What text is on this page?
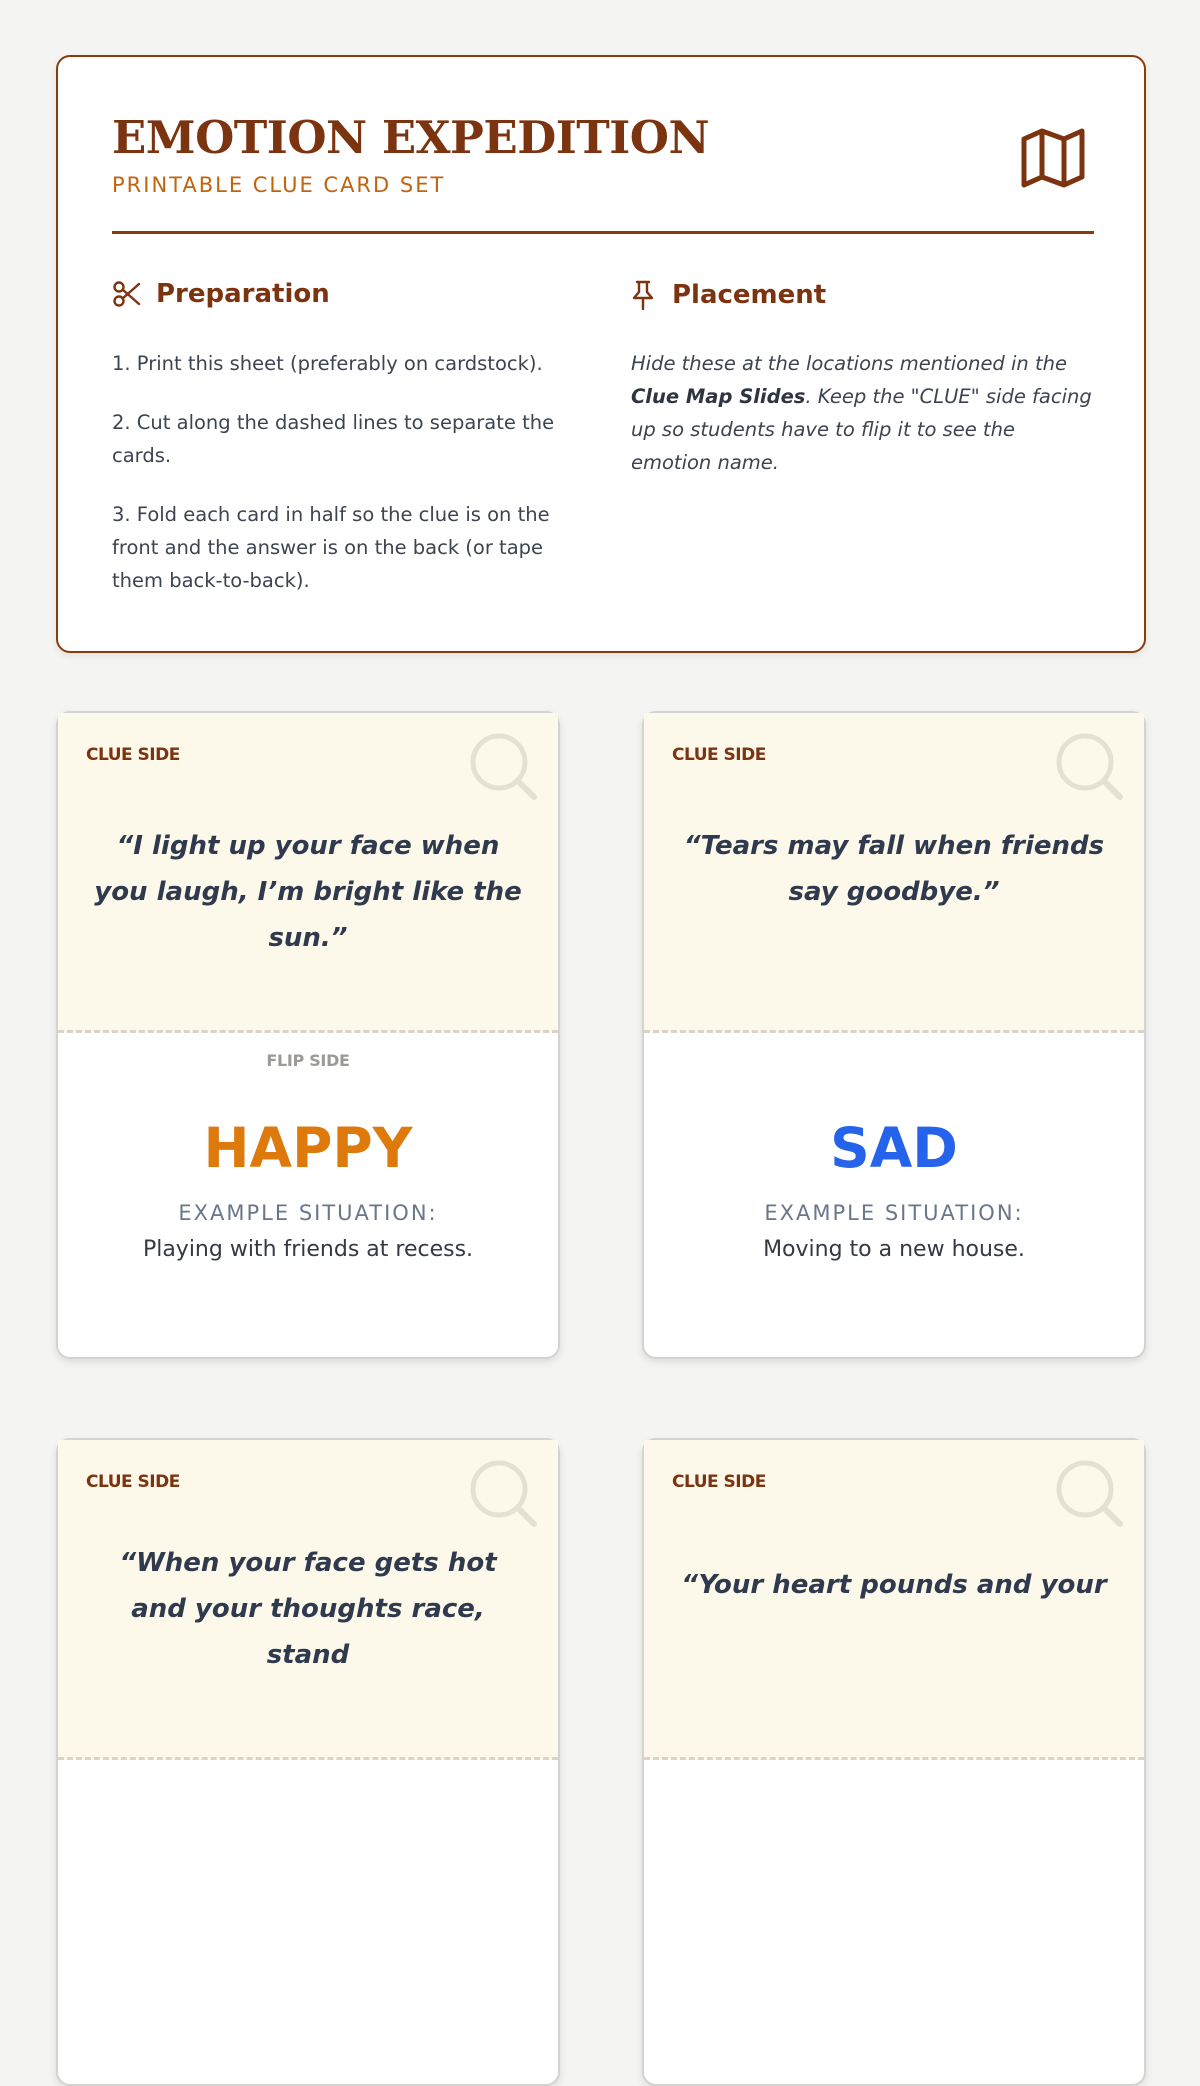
EMOTION EXPEDITION
PRINTABLE CLUE CARD SET
Preparation
1. Print this sheet (preferably on cardstock).
2. Cut along the dashed lines to separate the cards.
3. Fold each card in half so the clue is on the front and the answer is on the back (or tape them back-to-back).
Placement

Hide these at the locations mentioned in the Clue Map Slides. Keep the "CLUE" side facing up so students have to flip it to see the emotion name.

CLUE SIDE

“I light up your face when you laugh, I’m bright like the sun.”

FLIP SIDE
HAPPY
EXAMPLE SITUATION:
Playing with friends at recess.
CLUE SIDE

“Tears may fall when friends say goodbye.”

SAD
EXAMPLE SITUATION:
Moving to a new house.
CLUE SIDE

“When your face gets hot and your thoughts race, stand

CLUE SIDE

“Your heart pounds and your
